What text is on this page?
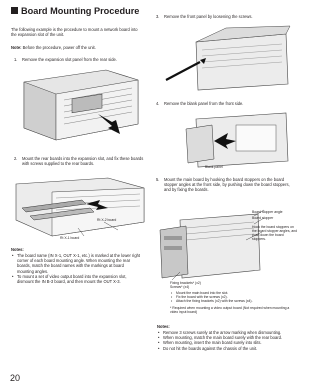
Board Mounting Procedure
The following example is the procedure to mount a network board into the expansion slot of the unit.
Note: Before the procedure, power off the unit.
1.	Remove the expansion slot panel from the rear side.
2.	Mount the rear boards into the expansion slot, and fix these boards with screws supplied to the rear boards.
Rt X-2 board
Rt X-1 board
Notes:
• The board name (IN X-1, OUT X-1, etc.) is marked at the lower right corner of each board mounting angle. When mounting the rear boards, match the board names with the markings at board mounting angles.
• To mount a set of video output board into the expansion slot, dismount the IN B-3 board, and then mount the OUT X-3.
3.	Remove the front panel by loosening the screws.
4.	Remove the blank panel from the front side.
Blank panel
5.	Mount the main board by hooking the board stoppers on the board stopper angles at the front side, by pushing down the board stoppers, and by fixing the boards.
Board stopper angle
Board stopper
Hook the board stoppers on the board stopper angles, and push down the board stoppers.
Fixing brackets* (x2)
Screws* (x4)
• Mount the main board into the slot.
• Fix the board with the screws (x2).
• Attach the fixing brackets (x2) with the screws (x4).
* Required when mounting a video output board (Not required when mounting a video input board)
Notes:
• Remove 3 screws surely at the arrow marking when dismounting.
• When mounting, match the main board surely with the rear board.
• When mounting, insert the main board surely into slits.
• Do not hit the boards against the chassis of the unit.
20
